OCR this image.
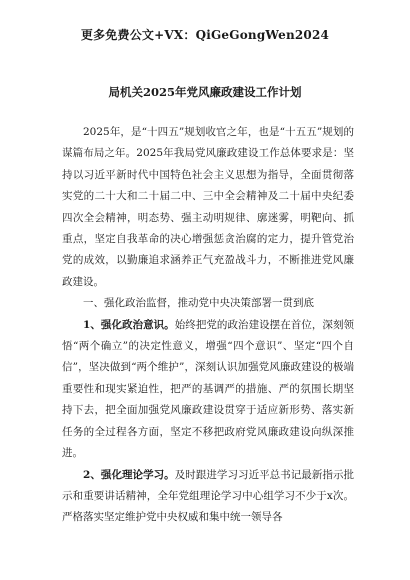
更多免费公文+VX：QiGeGongWen2024
局机关2025年党风廉政建设工作计划

2025年，是“十四五”规划收官之年，也是“十五五”规划的谋篇布局之年。2025年我局党风廉政建设工作总体要求是：坚持以习近平新时代中国特色社会主义思想为指导，全面贯彻落实党的二十大和二十届二中、三中全会精神及二十届中央纪委四次全会精神，明态势、强主动明规律、廓迷雾，明靶向、抓重点，坚定自我革命的决心增强惩贪治腐的定力，提升管党治党的成效，以勤廉追求涵养正气充盈战斗力，不断推进党风廉政建设。

一、强化政治监督，推动党中央决策部署一贯到底

1、强化政治意识。始终把党的政治建设摆在首位，深刻领悟“两个确立”的决定性意义，增强“四个意识”、坚定“四个自信”，坚决做到“两个维护”，深刻认识加强党风廉政建设的极端重要性和现实紧迫性，把严的基调严的措施、严的氛围长期坚持下去，把全面加强党风廉政建设贯穿于适应新形势、落实新任务的全过程各方面，坚定不移把政府党风廉政建设向纵深推进。

2、强化理论学习。及时跟进学习习近平总书记最新指示批示和重要讲话精神，全年党组理论学习中心组学习不少于x次。严格落实坚定维护党中央权威和集中统一领导各
